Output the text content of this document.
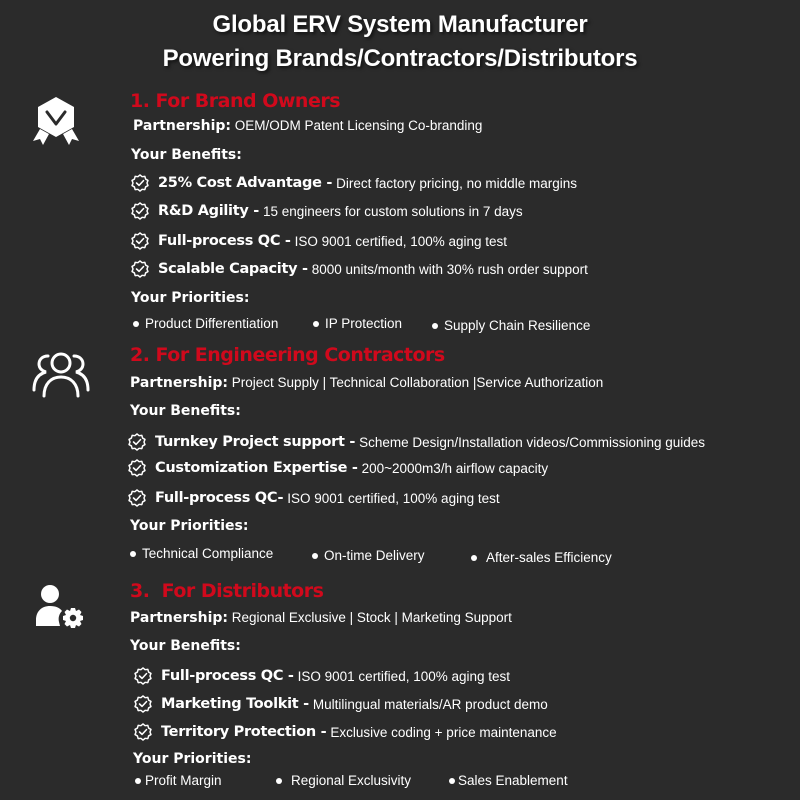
Global ERV System Manufacturer
Powering Brands/Contractors/Distributors
1. For Brand Owners
Partnership: OEM/ODM Patent Licensing Co-branding
Your Benefits:
25% Cost Advantage - Direct factory pricing, no middle margins
R&D Agility - 15 engineers for custom solutions in 7 days
Full-process QC - ISO 9001 certified, 100% aging test
Scalable Capacity - 8000 units/month with 30% rush order support
Your Priorities:
Product Differentiation	IP Protection	Supply Chain Resilience
2. For Engineering Contractors
Partnership: Project Supply | Technical Collaboration |Service Authorization
Your Benefits:
Turnkey Project support - Scheme Design/Installation videos/Commissioning guides
Customization Expertise - 200~2000m3/h airflow capacity
Full-process QC- ISO 9001 certified, 100% aging test
Your Priorities:
Technical Compliance	On-time Delivery	After-sales Efficiency
3.  For Distributors
Partnership: Regional Exclusive | Stock | Marketing Support
Your Benefits:
Full-process QC - ISO 9001 certified, 100% aging test
Marketing Toolkit - Multilingual materials/AR product demo
Territory Protection - Exclusive coding + price maintenance
Your Priorities:
Profit Margin	Regional Exclusivity	Sales Enablement
